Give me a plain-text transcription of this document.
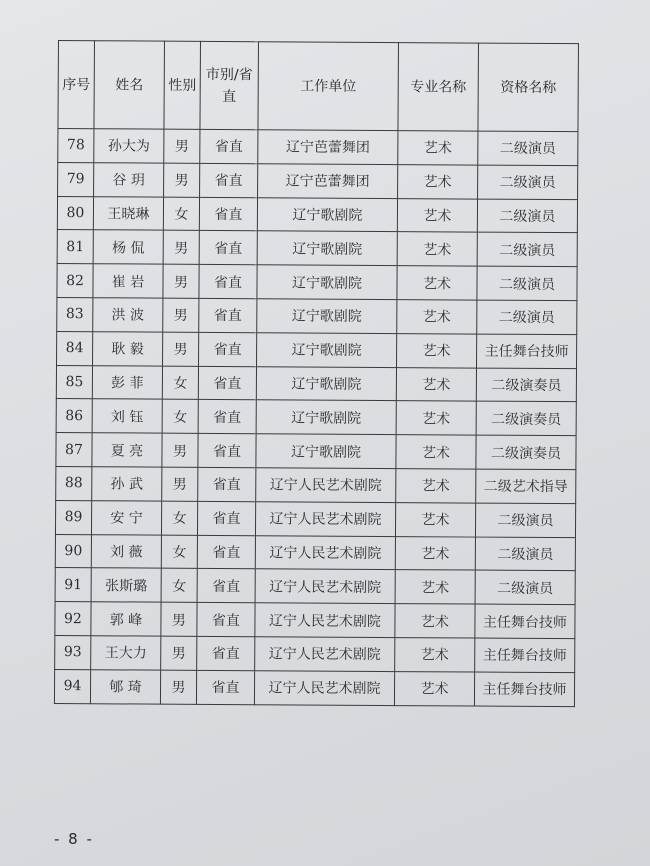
序号	姓名	性别	市别/省直	工作单位	专业名称	资格名称
78	孙大为	男	省直	辽宁芭蕾舞团	艺术	二级演员
79	谷 玥	男	省直	辽宁芭蕾舞团	艺术	二级演员
80	王晓琳	女	省直	辽宁歌剧院	艺术	二级演员
81	杨 侃	男	省直	辽宁歌剧院	艺术	二级演员
82	崔 岩	男	省直	辽宁歌剧院	艺术	二级演员
83	洪 波	男	省直	辽宁歌剧院	艺术	二级演员
84	耿 毅	男	省直	辽宁歌剧院	艺术	主任舞台技师
85	彭 菲	女	省直	辽宁歌剧院	艺术	二级演奏员
86	刘 钰	女	省直	辽宁歌剧院	艺术	二级演奏员
87	夏 亮	男	省直	辽宁歌剧院	艺术	二级演奏员
88	孙 武	男	省直	辽宁人民艺术剧院	艺术	二级艺术指导
89	安 宁	女	省直	辽宁人民艺术剧院	艺术	二级演员
90	刘 薇	女	省直	辽宁人民艺术剧院	艺术	二级演员
91	张斯璐	女	省直	辽宁人民艺术剧院	艺术	二级演员
92	郭 峰	男	省直	辽宁人民艺术剧院	艺术	主任舞台技师
93	王大力	男	省直	辽宁人民艺术剧院	艺术	主任舞台技师
94	郇 琦	男	省直	辽宁人民艺术剧院	艺术	主任舞台技师
- 8 -
